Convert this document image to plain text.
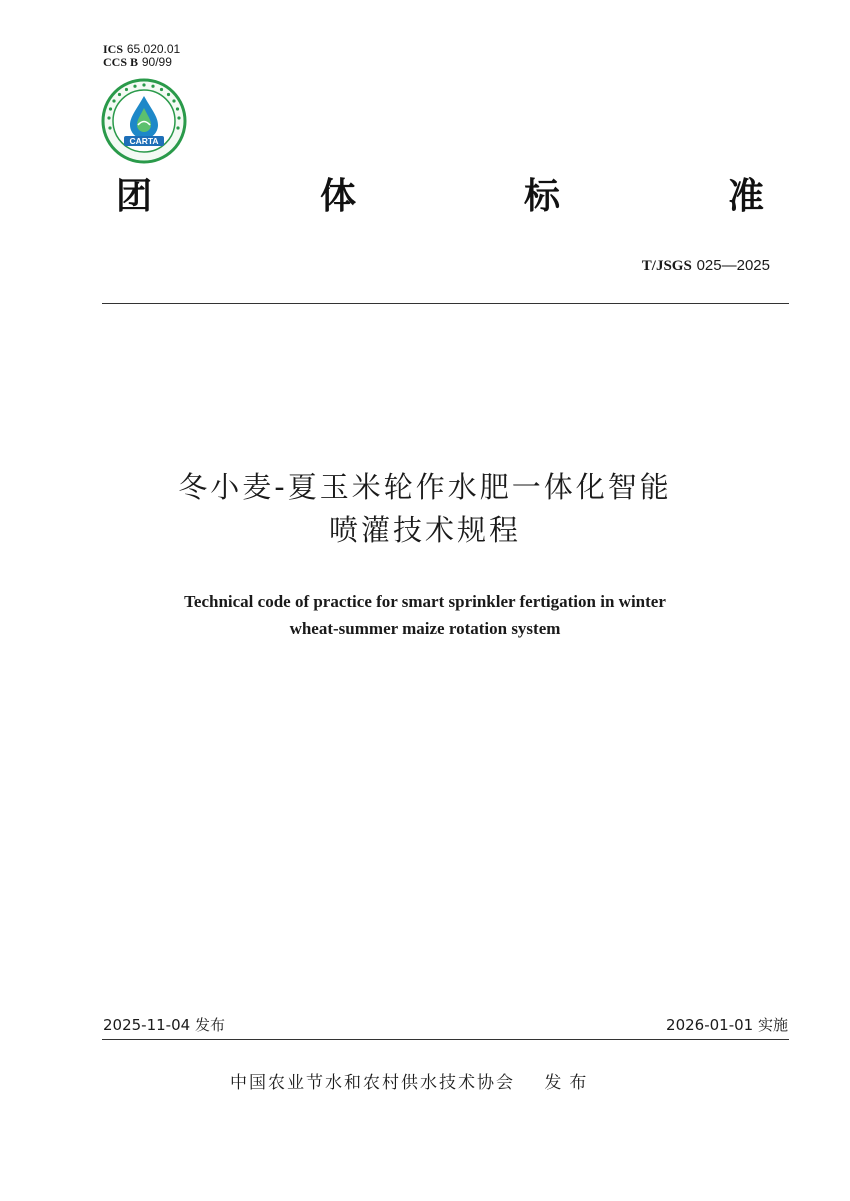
ICS 65.020.01
CCS B 90/99
CARTA
团	体	标	准
T/JSGS 025—2025
冬小麦-夏玉米轮作水肥一体化智能
喷灌技术规程
Technical code of practice for smart sprinkler fertigation in winter
wheat-summer maize rotation system
2025-11-04 发布	2026-01-01 实施
中国农业节水和农村供水技术协会 发布
